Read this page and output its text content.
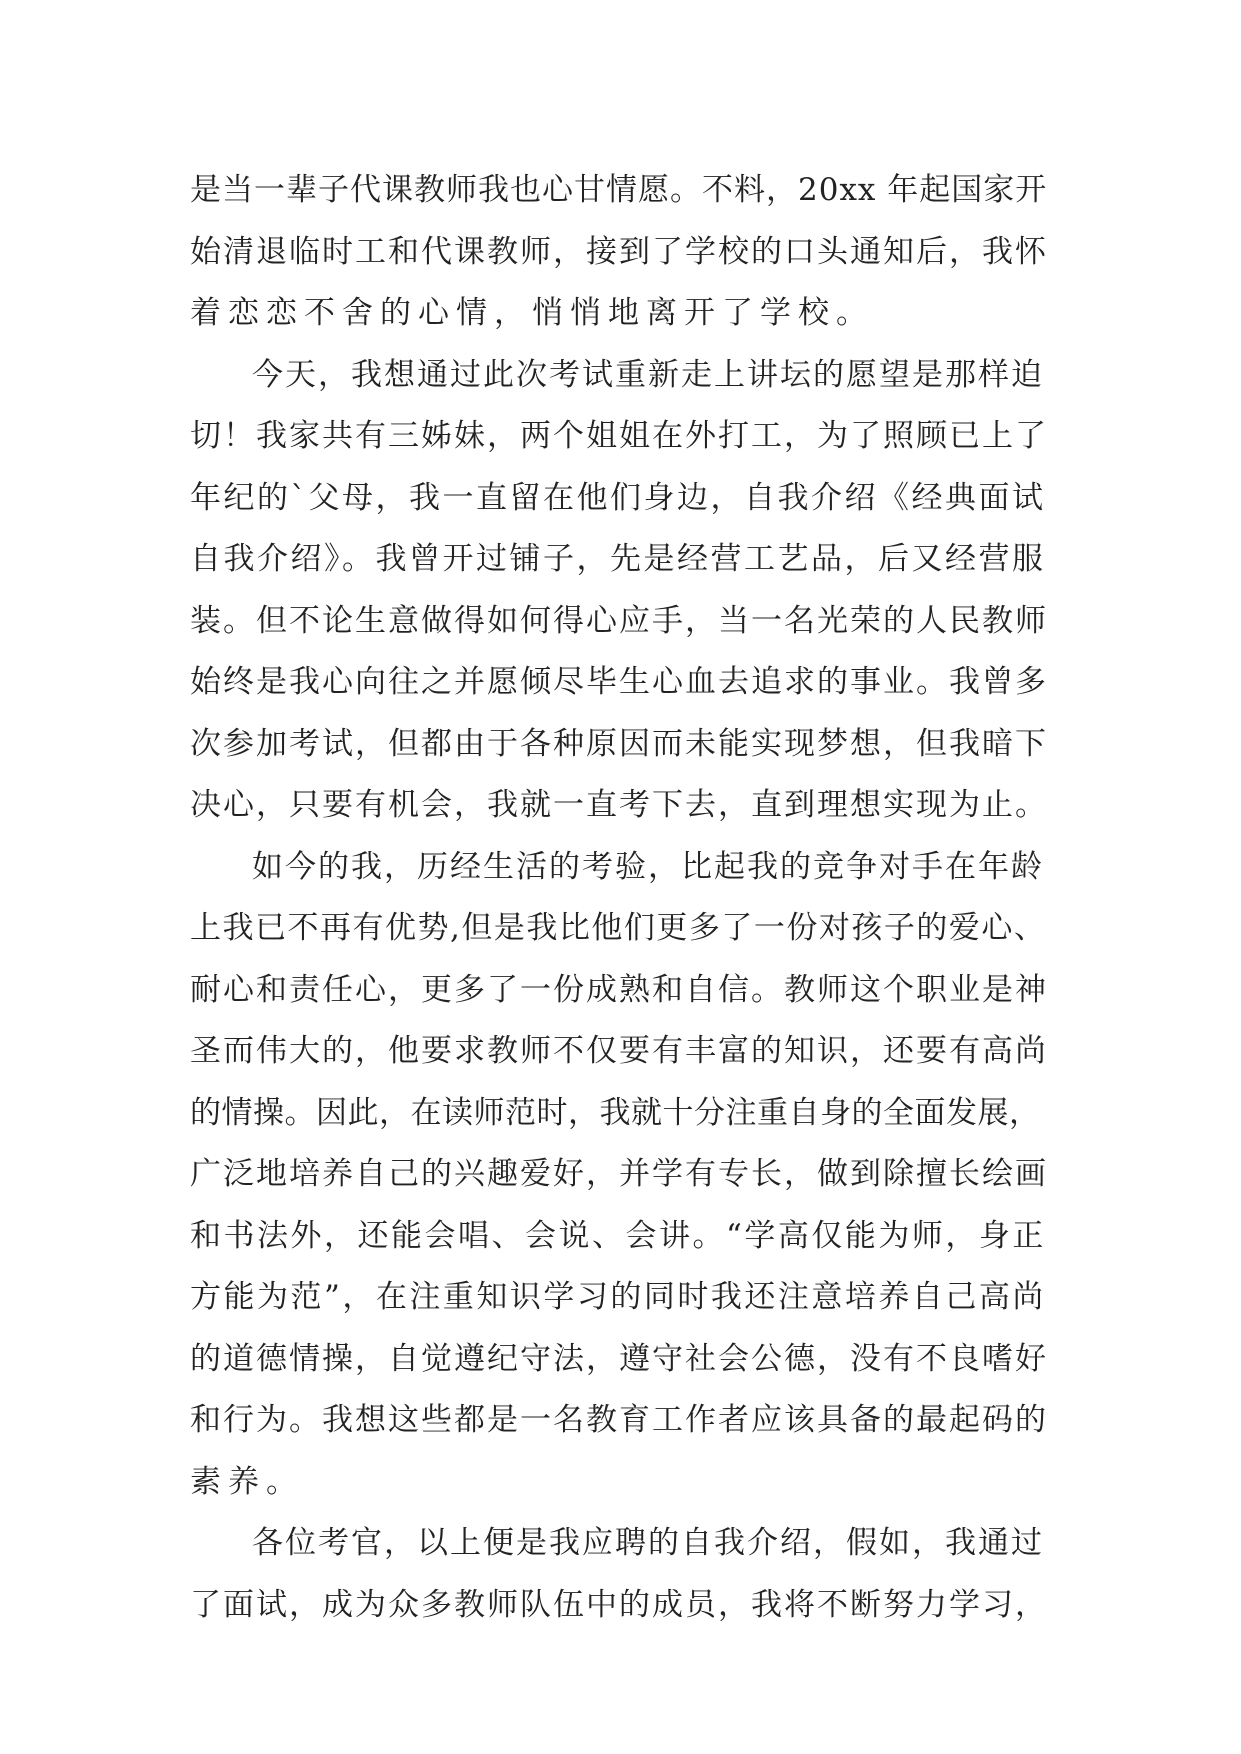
是当一辈子代课教师我也心甘情愿。不料，20xx 年起国家开
始清退临时工和代课教师，接到了学校的口头通知后，我怀
着恋恋不舍的心情，悄悄地离开了学校。
今天，我想通过此次考试重新走上讲坛的愿望是那样迫
切！我家共有三姊妹，两个姐姐在外打工，为了照顾已上了
年纪的`父母，我一直留在他们身边，自我介绍《经典面试
自我介绍》。我曾开过铺子，先是经营工艺品，后又经营服
装。但不论生意做得如何得心应手，当一名光荣的人民教师
始终是我心向往之并愿倾尽毕生心血去追求的事业。我曾多
次参加考试，但都由于各种原因而未能实现梦想，但我暗下
决心，只要有机会，我就一直考下去，直到理想实现为止。
如今的我，历经生活的考验，比起我的竞争对手在年龄
上我已不再有优势,但是我比他们更多了一份对孩子的爱心、
耐心和责任心，更多了一份成熟和自信。教师这个职业是神
圣而伟大的，他要求教师不仅要有丰富的知识，还要有高尚
的情操。因此，在读师范时，我就十分注重自身的全面发展，
广泛地培养自己的兴趣爱好，并学有专长，做到除擅长绘画
和书法外，还能会唱、会说、会讲。“学高仅能为师，身正
方能为范”，在注重知识学习的同时我还注意培养自己高尚
的道德情操，自觉遵纪守法，遵守社会公德，没有不良嗜好
和行为。我想这些都是一名教育工作者应该具备的最起码的
素养。
各位考官，以上便是我应聘的自我介绍，假如，我通过
了面试，成为众多教师队伍中的成员，我将不断努力学习，
